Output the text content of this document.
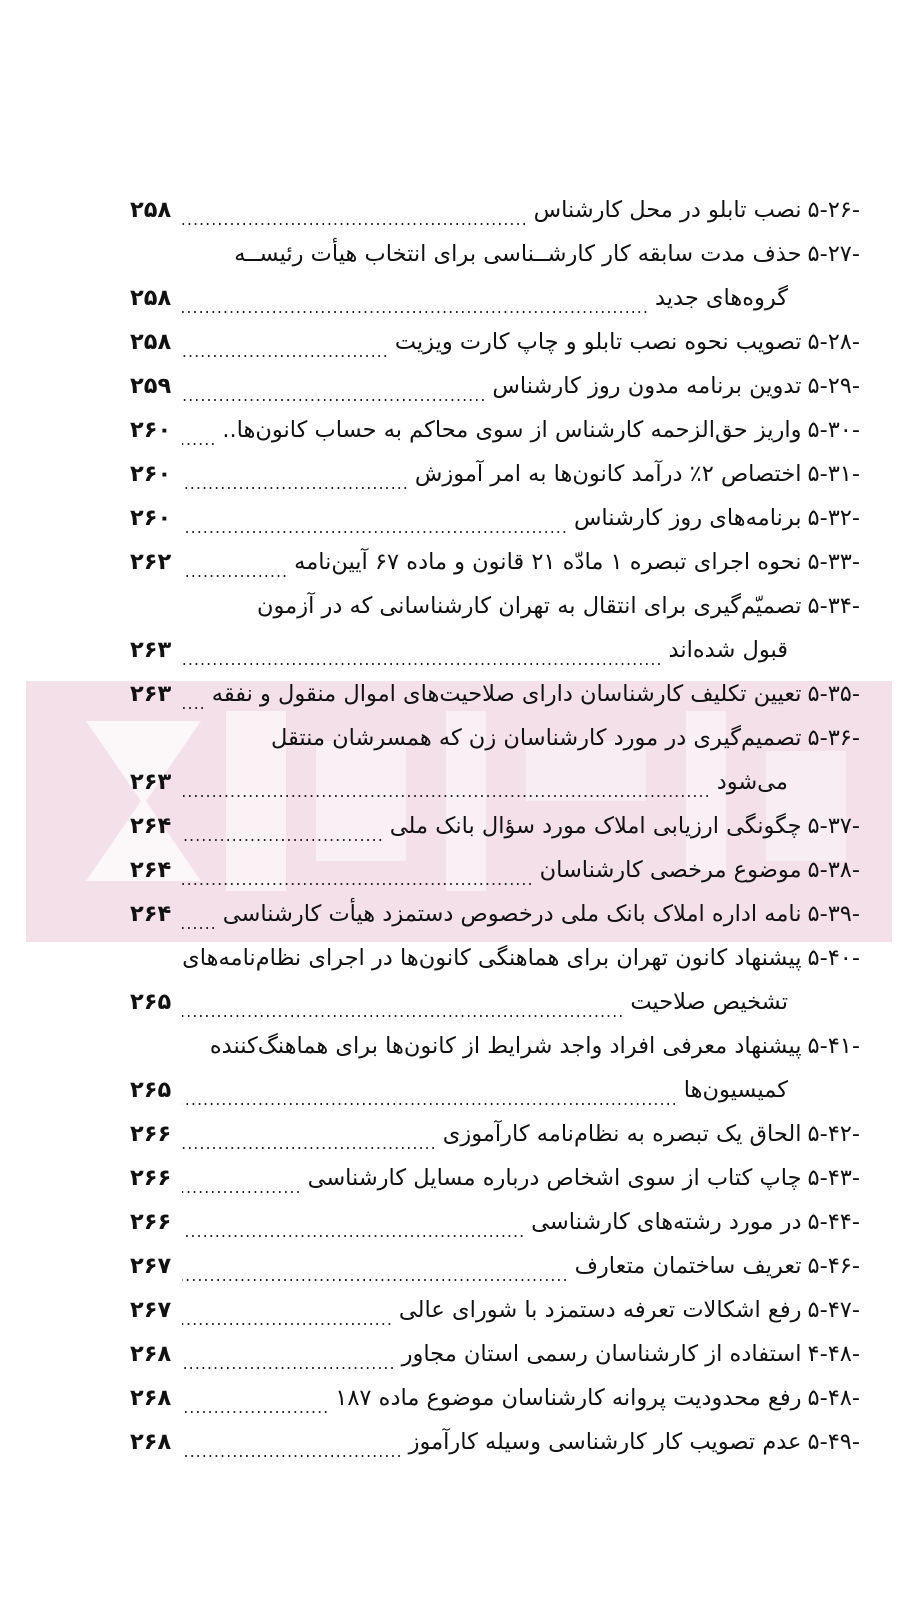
۵-۲۶-
نصب تابلو در محل کارشناس
.....
۲۵۸
۵-۲۷-
حذف مدت سابقه کار کارشــناسی برای انتخاب هیأت رئیســه
گروه‌های جدید
.....
۲۵۸
۵-۲۸-
تصویب نحوه نصب تابلو و چاپ کارت ویزیت
.....
۲۵۸
۵-۲۹-
تدوین برنامه مدون روز کارشناس
.....
۲۵۹
۵-۳۰-
واریز حق‌الزحمه کارشناس از سوی محاکم به حساب کانون‌ها..
.....
۲۶۰
۵-۳۱-
اختصاص ۲٪ درآمد کانون‌ها به امر آموزش
.....
۲۶۰
۵-۳۲-
برنامه‌های روز کارشناس
.....
۲۶۰
۵-۳۳-
نحوه اجرای تبصره ۱ مادّه ۲۱ قانون و ماده ۶۷ آیین‌نامه
.....
۲۶۲
۵-۳۴-
تصمیّم‌گیری برای انتقال به تهران کارشناسانی که در آزمون
قبول شده‌اند
.....
۲۶۳
۵-۳۵-
تعیین تکلیف کارشناسان دارای صلاحیت‌های اموال منقول و نفقه
.....
۲۶۳
۵-۳۶-
تصمیم‌گیری در مورد کارشناسان زن که همسرشان منتقل
می‌شود
.....
۲۶۳
۵-۳۷-
چگونگی ارزیابی املاک مورد سؤال بانک ملی
.....
۲۶۴
۵-۳۸-
موضوع مرخصی کارشناسان
.....
۲۶۴
۵-۳۹-
نامه اداره املاک بانک ملی درخصوص دستمزد هیأت کارشناسی
.....
۲۶۴
۵-۴۰-
پیشنهاد کانون تهران برای هماهنگی کانون‌ها در اجرای نظام‌نامه‌های
تشخیص صلاحیت
.....
۲۶۵
۵-۴۱-
پیشنهاد معرفی افراد واجد شرایط از کانون‌ها برای هماهنگ‌کننده
کمیسیون‌ها
.....
۲۶۵
۵-۴۲-
الحاق یک تبصره به نظام‌نامه کارآموزی
.....
۲۶۶
۵-۴۳-
چاپ کتاب از سوی اشخاص درباره مسایل کارشناسی
.....
۲۶۶
۵-۴۴-
در مورد رشته‌های کارشناسی
.....
۲۶۶
۵-۴۶-
تعریف ساختمان متعارف
.....
۲۶۷
۵-۴۷-
رفع اشکالات تعرفه دستمزد با شورای عالی
.....
۲۶۷
۴-۴۸-
استفاده از کارشناسان رسمی استان مجاور
.....
۲۶۸
۵-۴۸-
رفع محدودیت پروانه کارشناسان موضوع ماده ۱۸۷
.....
۲۶۸
۵-۴۹-
عدم تصویب کار کارشناسی وسیله کارآموز
.....
۲۶۸
